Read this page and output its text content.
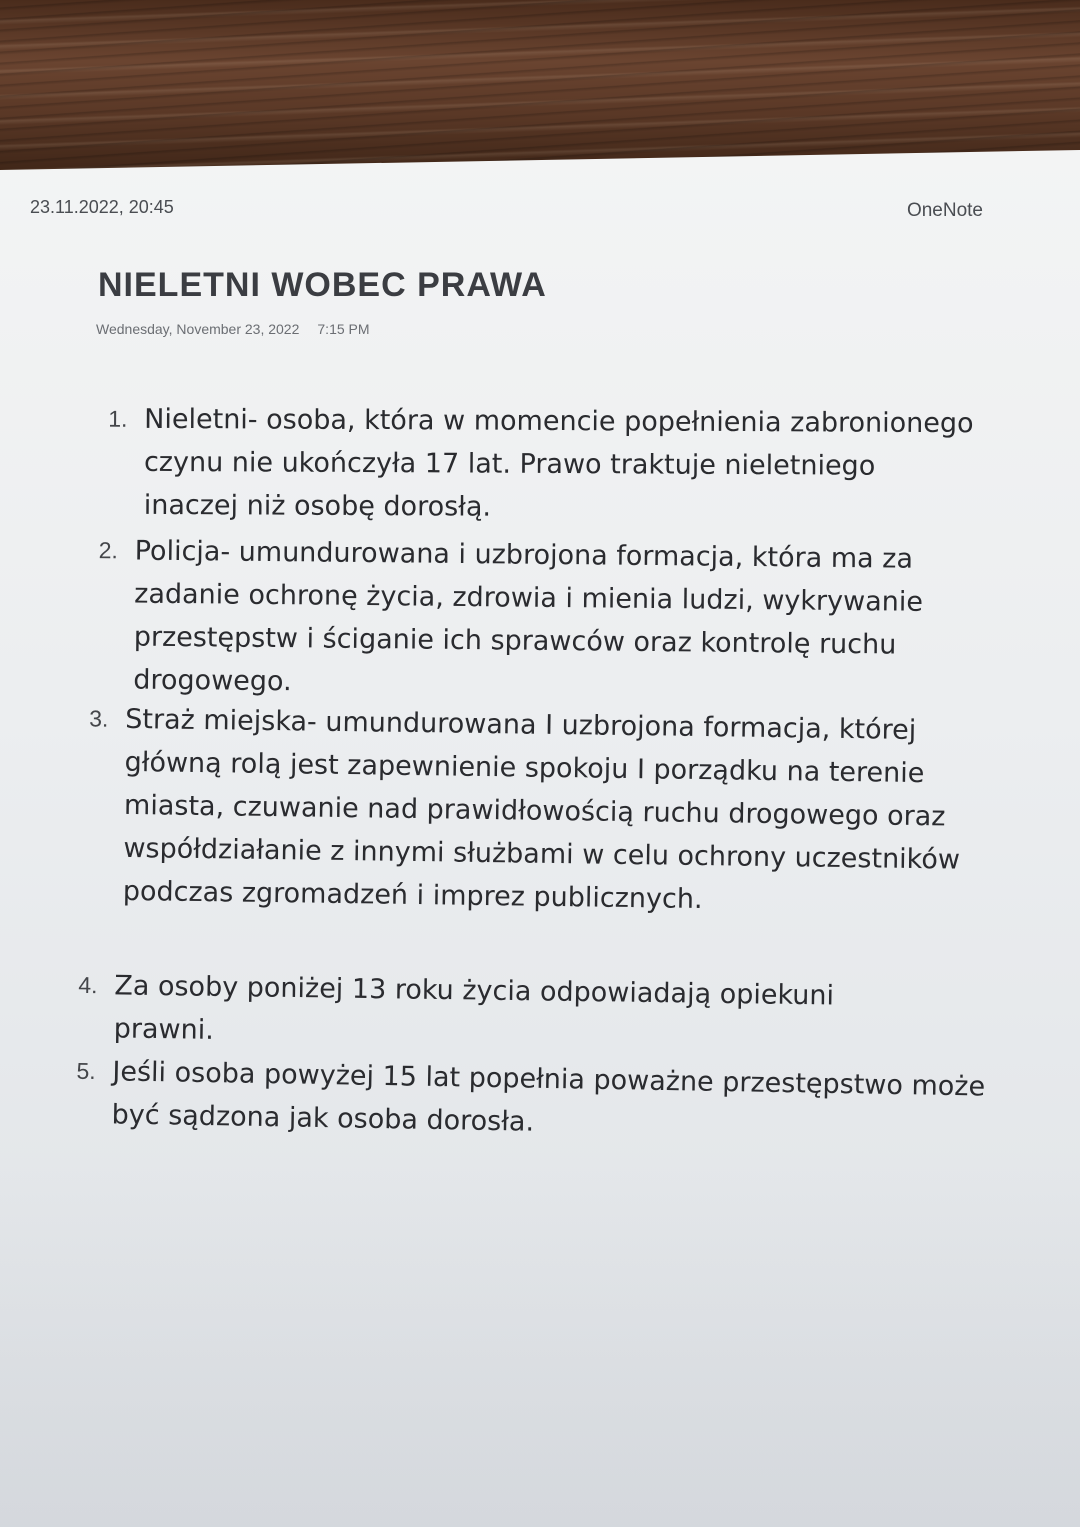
23.11.2022, 20:45	OneNote
NIELETNI WOBEC PRAWA
Wednesday, November 23, 2022 7:15 PM
1. Nieletni- osoba, która w momencie popełnienia zabronionego czynu nie ukończyła 17 lat. Prawo traktuje nieletniego inaczej niż osobę dorosłą.
2. Policja- umundurowana i uzbrojona formacja, która ma za zadanie ochronę życia, zdrowia i mienia ludzi, wykrywanie przestępstw i ściganie ich sprawców oraz kontrolę ruchu drogowego.
3. Straż miejska- umundurowana I uzbrojona formacja, której główną rolą jest zapewnienie spokoju I porządku na terenie miasta, czuwanie nad prawidłowością ruchu drogowego oraz współdziałanie z innymi służbami w celu ochrony uczestników podczas zgromadzeń i imprez publicznych.
4. Za osoby poniżej 13 roku życia odpowiadają opiekuni prawni.
5. Jeśli osoba powyżej 15 lat popełnia poważne przestępstwo może być sądzona jak osoba dorosła.
